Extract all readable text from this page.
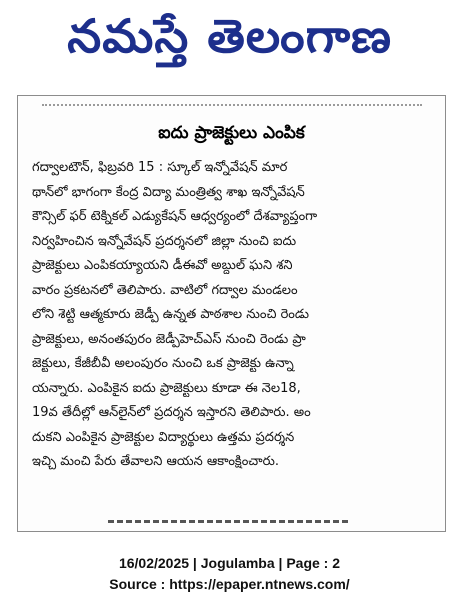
నమస్తే తెలంగాణ
ఐదు ప్రాజెక్టులు ఎంపిక
గద్వాలటౌన్, ఫిబ్రవరి 15 : స్కూల్ ఇన్నోవేషన్ మార
థాన్‌లో భాగంగా కేంద్ర విద్యా మంత్రిత్వ శాఖ ఇన్నోవేషన్
కౌన్సిల్ ఫర్ టెక్నికల్ ఎడ్యుకేషన్ ఆధ్వర్యంలో దేశవ్యాప్తంగా
నిర్వహించిన ఇన్నోవేషన్ ప్రదర్శనలో జిల్లా నుంచి ఐదు
ప్రాజెక్టులు ఎంపికయ్యాయని డీఈవో అబ్దుల్ ఘని శని
వారం ప్రకటనలో తెలిపారు. వాటిలో గద్వాల మండలం
లోని శెట్టి ఆత్మకూరు జెడ్పీ ఉన్నత పాఠశాల నుంచి రెండు
ప్రాజెక్టులు, అనంతపురం జెడ్పీహెచ్ఎస్ నుంచి రెండు ప్రా
జెక్టులు, కేజీబీవీ అలంపురం నుంచి ఒక ప్రాజెక్టు ఉన్నా
యన్నారు. ఎంపికైన ఐదు ప్రాజెక్టులు కూడా ఈ నెల18,
19వ తేదీల్లో ఆన్‌లైన్‌లో ప్రదర్శన ఇస్తారని తెలిపారు. అం
దుకని ఎంపికైన ప్రాజెక్టుల విద్యార్థులు ఉత్తమ ప్రదర్శన
ఇచ్చి మంచి పేరు తేవాలని ఆయన ఆకాంక్షించారు.
16/02/2025 | Jogulamba | Page : 2
Source : https://epaper.ntnews.com/
